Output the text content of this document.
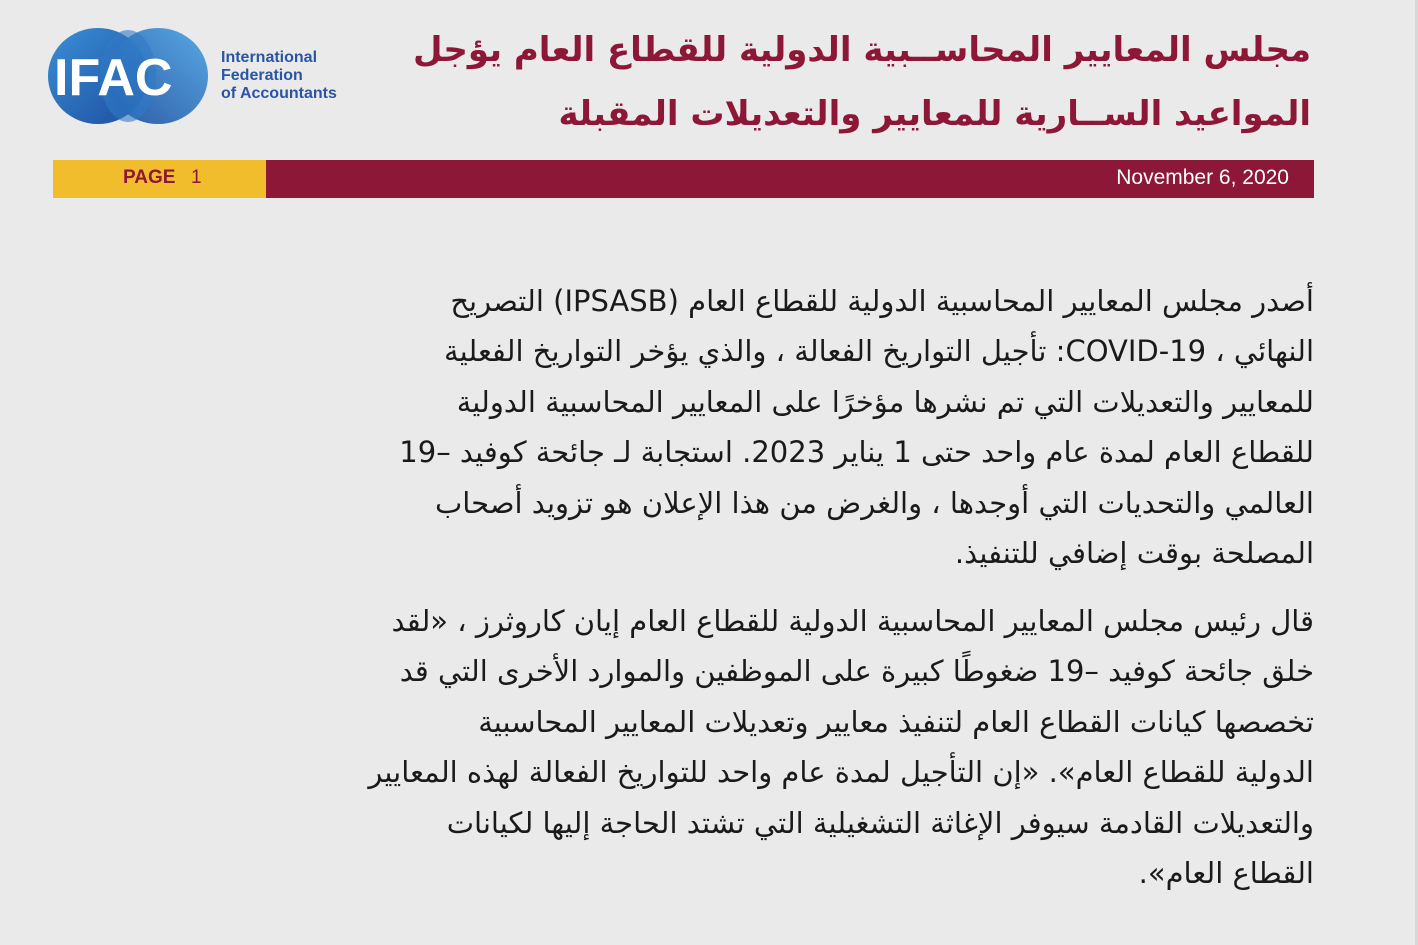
IFAC	International
Federation
of Accountants
مجلس المعايير المحاســبية الدولية للقطاع العام يؤجل
المواعيد الســارية للمعايير والتعديلات المقبلة
PAGE 1	November 6, 2020
أصدر مجلس المعايير المحاسبية الدولية للقطاع العام (IPSASB) التصريح
النهائي ، COVID-19: تأجيل التواريخ الفعالة ، والذي يؤخر التواريخ الفعلية
للمعايير والتعديلات التي تم نشرها مؤخرًا على المعايير المحاسبية الدولية
للقطاع العام لمدة عام واحد حتى 1 يناير 2023. استجابة لـ جائحة كوفيد –19
العالمي والتحديات التي أوجدها ، والغرض من هذا الإعلان هو تزويد أصحاب
المصلحة بوقت إضافي للتنفيذ.
قال رئيس مجلس المعايير المحاسبية الدولية للقطاع العام إيان كاروثرز ، «لقد
خلق جائحة كوفيد –19 ضغوطًا كبيرة على الموظفين والموارد الأخرى التي قد
تخصصها كيانات القطاع العام لتنفيذ معايير وتعديلات المعايير المحاسبية
الدولية للقطاع العام». «إن التأجيل لمدة عام واحد للتواريخ الفعالة لهذه المعايير
والتعديلات القادمة سيوفر الإغاثة التشغيلية التي تشتد الحاجة إليها لكيانات
القطاع العام».
